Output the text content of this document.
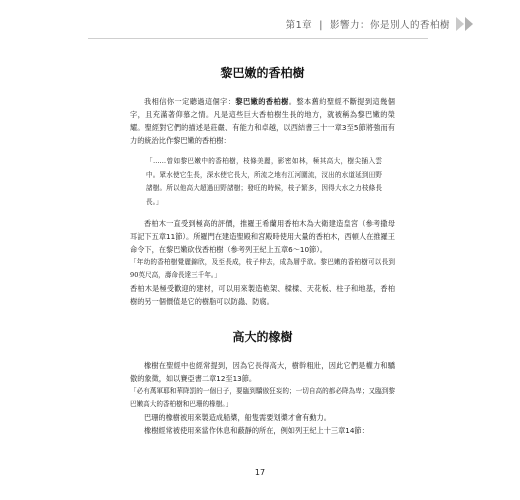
第1章 | 影響力：你是別人的香柏樹
黎巴嫩的香柏樹

我相信你一定聽過這個字：黎巴嫩的香柏樹。整本舊約聖經不斷提到這幾個字，且充滿著仰慕之情。凡是這些巨大香柏樹生長的地方，就被稱為黎巴嫩的榮耀。聖經對它們的描述是莊嚴、有能力和卓越，以西結書三十一章3至5節將強而有力的統治比作黎巴嫩的香柏樹：

「……曾如黎巴嫩中的香柏樹，枝條美麗，影密如林，極其高大，樹尖插入雲中。眾水使它生長，深水使它長大，所流之地有江河圍流，汊出的水道延到田野諸樹。所以他高大超過田野諸樹；發旺的時候，枝子繁多，因得大水之力枝條長長。」

香柏木一直受到極高的評價，推羅王希蘭用香柏木為大衛建造皇宮（參考撒母耳記下五章11節）。所羅門在建造聖殿和宮殿時使用大量的香柏木，西頓人在推羅王命令下，在黎巴嫩砍伐香柏樹（參考列王紀上五章6～10節）。

「年幼的香柏樹覺麗錦欣，及至長成，枝子伸去，成為層乎欲。黎巴嫩的香柏樹可以長到90英尺高，壽命長達三千年。」

香柏木是極受歡迎的建材，可以用來製造桅架、樑樑、天花板、柱子和地基，香柏樹的另一個價值是它的樹脂可以防蟲、防腐。

高大的橡樹

橡樹在聖經中也經常提到，因為它長得高大，樹幹粗壯，因此它們是權力和驕傲的象徵，如以賽亞書二章12至13節。

「必有萬軍耶和華降罰的一個日子，要臨到驕傲狂妄的；一切自高的都必降為卑；又臨到黎巴嫩高大的香柏樹和巴珊的橡樹。」

巴珊的橡樹被用來製造成船槳，船隻需要划槳才會有動力。

橡樹經常被使用來當作休息和蔽靜的所在，例如列王紀上十三章14節：

17
